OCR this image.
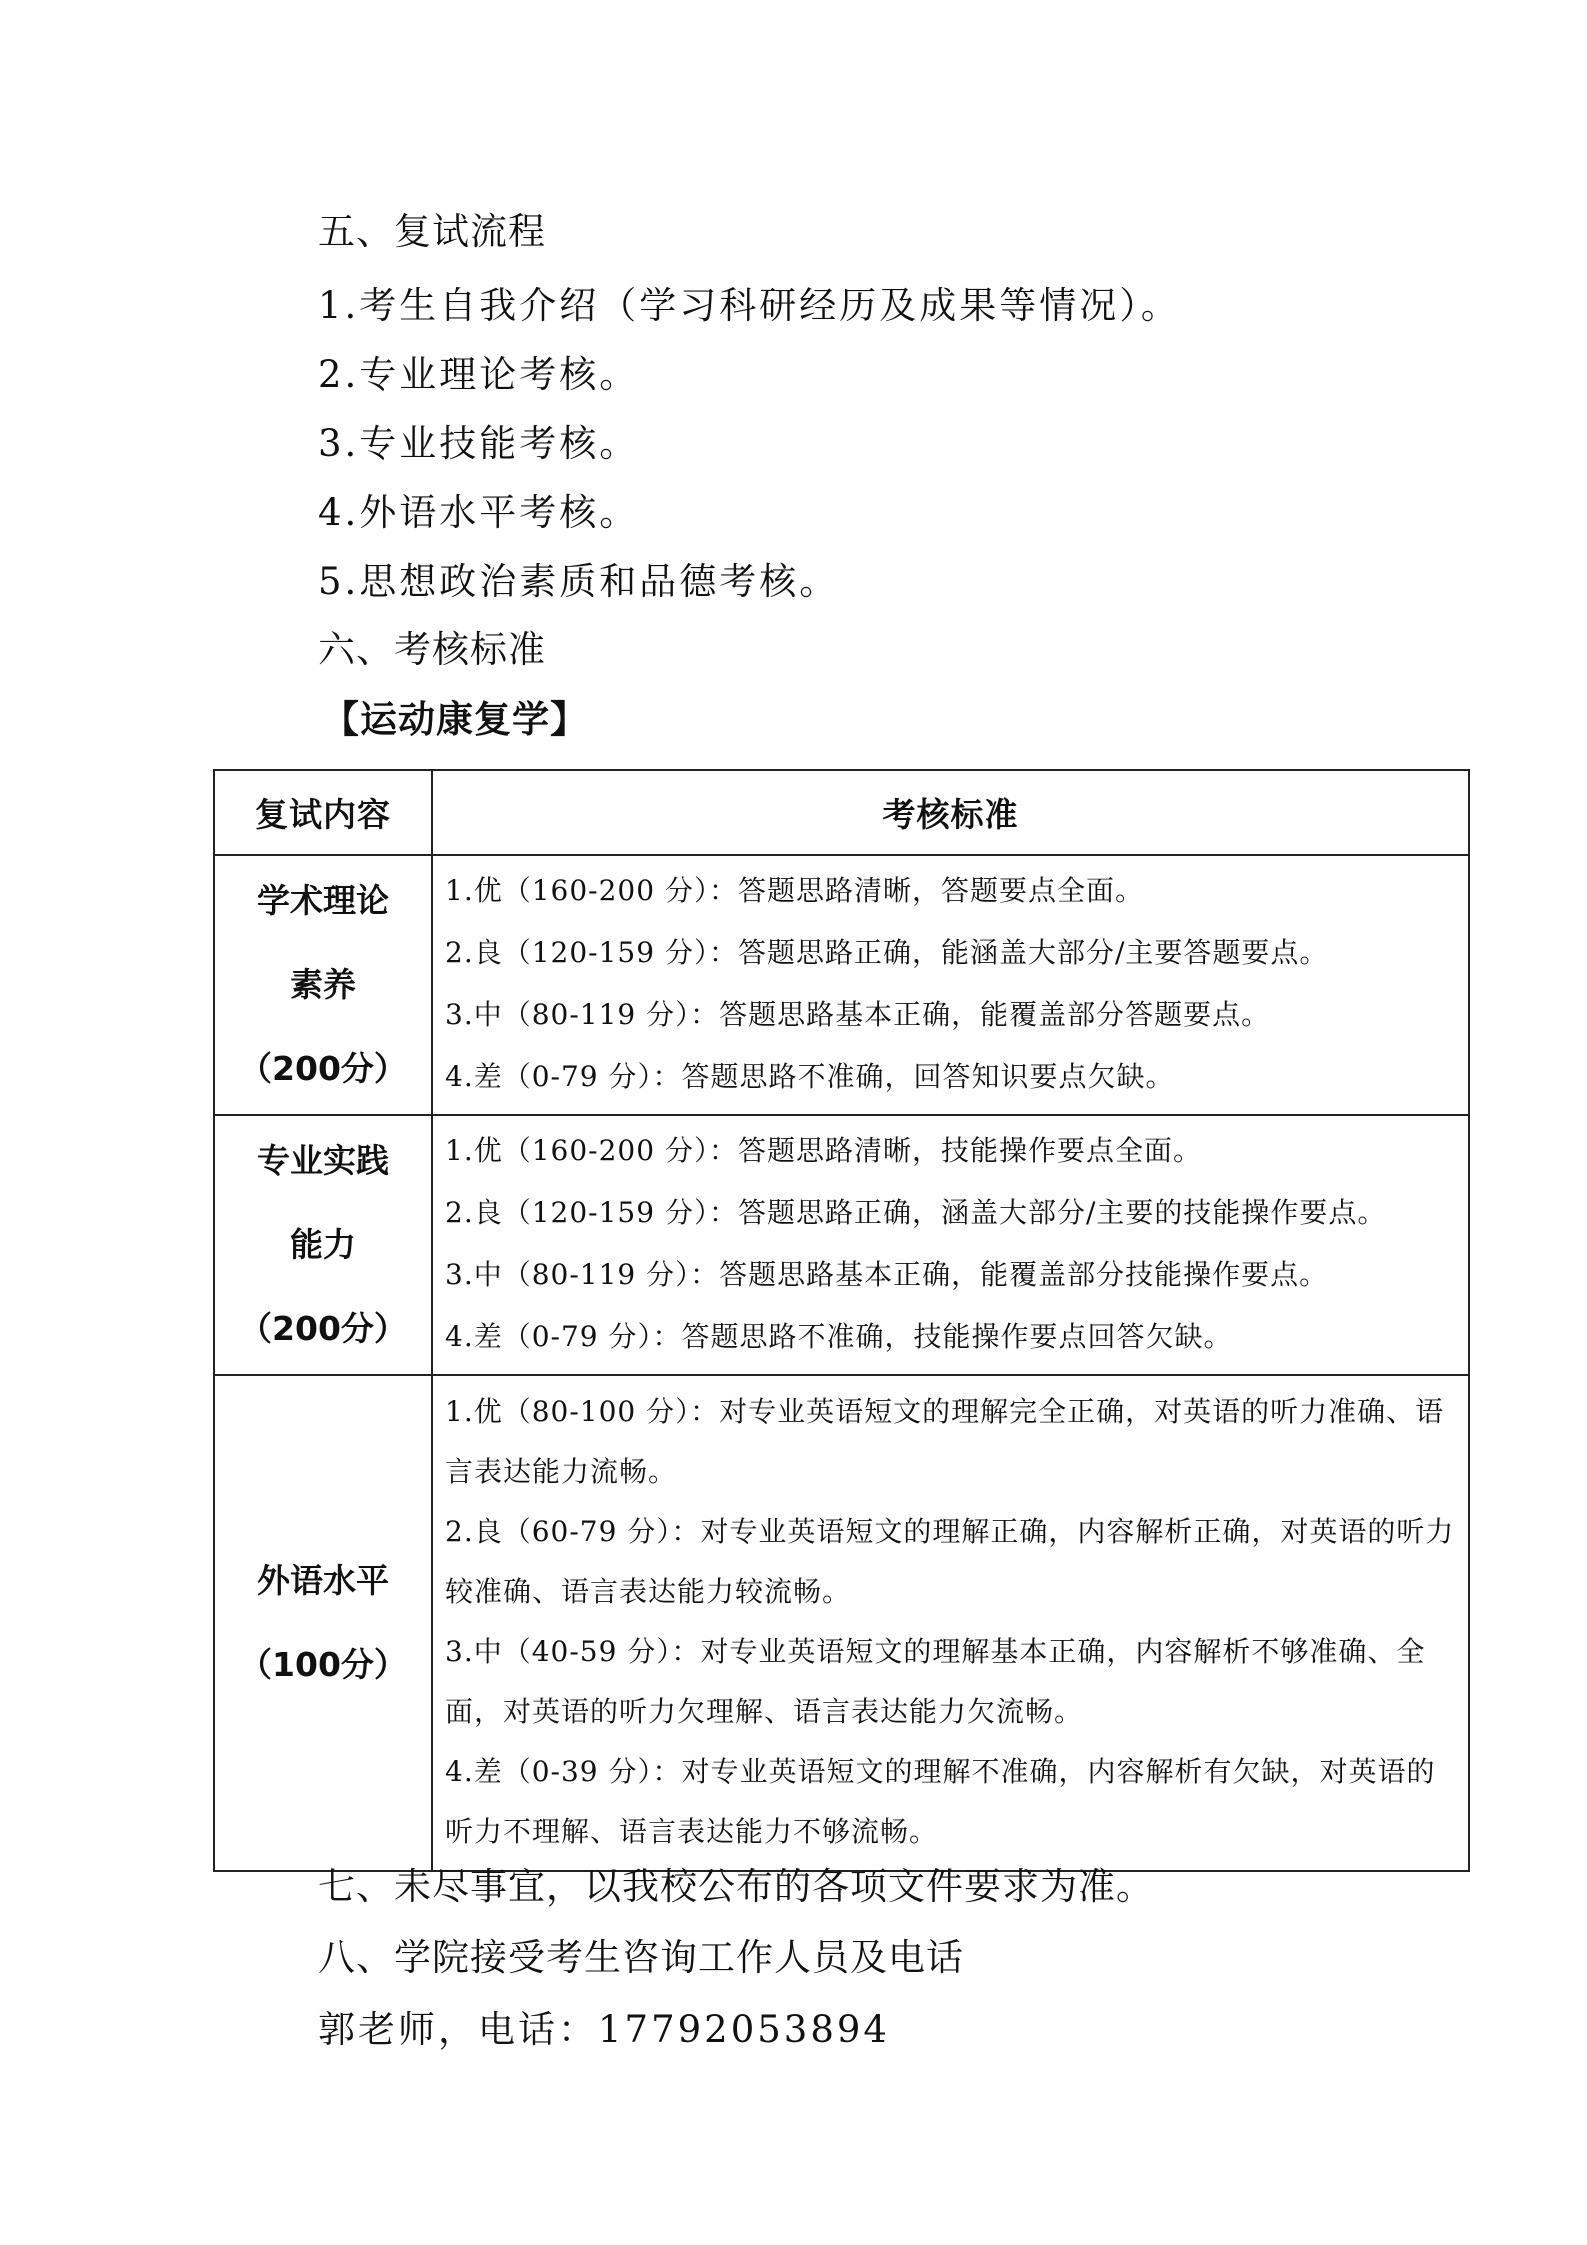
五、复试流程
1.考生自我介绍（学习科研经历及成果等情况）。
2.专业理论考核。
3.专业技能考核。
4.外语水平考核。
5.思想政治素质和品德考核。
六、考核标准
【运动康复学】
复试内容	考核标准

学术理论
素养
（200分）	1.优（160-200 分）：答题思路清晰，答题要点全面。
2.良（120-159 分）：答题思路正确，能涵盖大部分/主要答题要点。
3.中（80-119 分）：答题思路基本正确，能覆盖部分答题要点。
4.差（0-79 分）：答题思路不准确，回答知识要点欠缺。

专业实践
能力
（200分）	1.优（160-200 分）：答题思路清晰，技能操作要点全面。
2.良（120-159 分）：答题思路正确，涵盖大部分/主要的技能操作要点。
3.中（80-119 分）：答题思路基本正确，能覆盖部分技能操作要点。
4.差（0-79 分）：答题思路不准确，技能操作要点回答欠缺。

外语水平
（100分）	1.优（80-100 分）：对专业英语短文的理解完全正确，对英语的听力准确、语言表达能力流畅。
2.良（60-79 分）：对专业英语短文的理解正确，内容解析正确，对英语的听力较准确、语言表达能力较流畅。
3.中（40-59 分）：对专业英语短文的理解基本正确，内容解析不够准确、全面，对英语的听力欠理解、语言表达能力欠流畅。
4.差（0-39 分）：对专业英语短文的理解不准确，内容解析有欠缺，对英语的听力不理解、语言表达能力不够流畅。
七、未尽事宜，以我校公布的各项文件要求为准。
八、学院接受考生咨询工作人员及电话
郭老师，电话：17792053894
